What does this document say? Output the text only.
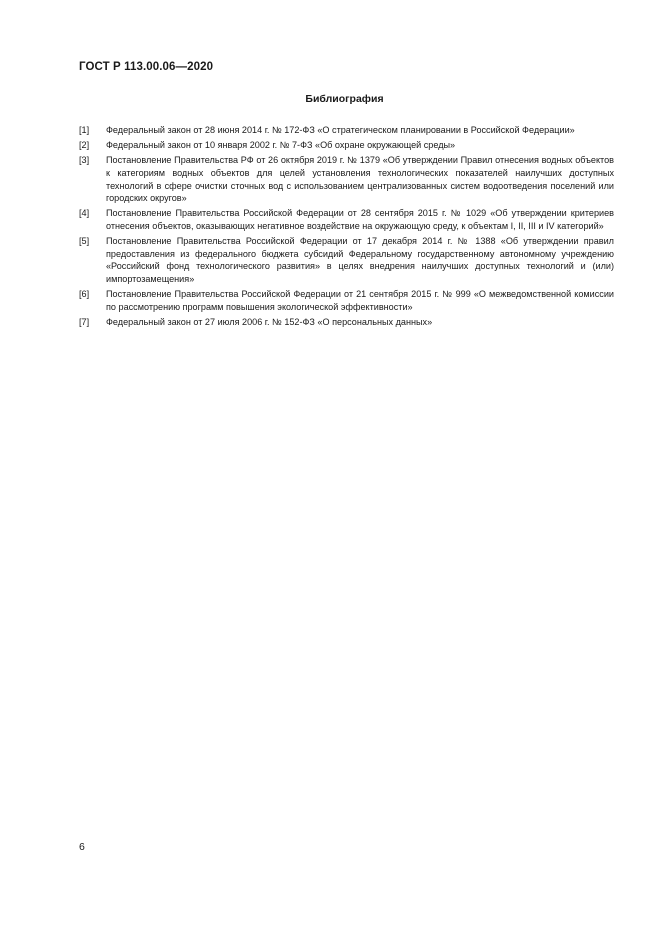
ГОСТ Р 113.00.06—2020
Библиография
[1]	Федеральный закон от 28 июня 2014 г. № 172-ФЗ «О стратегическом планировании в Российской Федерации»
[2]	Федеральный закон от 10 января 2002 г. № 7-ФЗ «Об охране окружающей среды»
[3]	Постановление Правительства РФ от 26 октября 2019 г. № 1379 «Об утверждении Правил отнесения водных объектов к категориям водных объектов для целей установления технологических показателей наилучших доступных технологий в сфере очистки сточных вод с использованием централизованных систем водоотведения поселений или городских округов»
[4]	Постановление Правительства Российской Федерации от 28 сентября 2015 г. № 1029 «Об утверждении критериев отнесения объектов, оказывающих негативное воздействие на окружающую среду, к объектам I, II, III и IV категорий»
[5]	Постановление Правительства Российской Федерации от 17 декабря 2014 г. № 1388 «Об утверждении правил предоставления из федерального бюджета субсидий Федеральному государственному автономному учреждению «Российский фонд технологического развития» в целях внедрения наилучших доступных технологий и (или) импортозамещения»
[6]	Постановление Правительства Российской Федерации от 21 сентября 2015 г. № 999 «О межведомственной комиссии по рассмотрению программ повышения экологической эффективности»
[7]	Федеральный закон от 27 июля 2006 г. № 152-ФЗ «О персональных данных»
6
